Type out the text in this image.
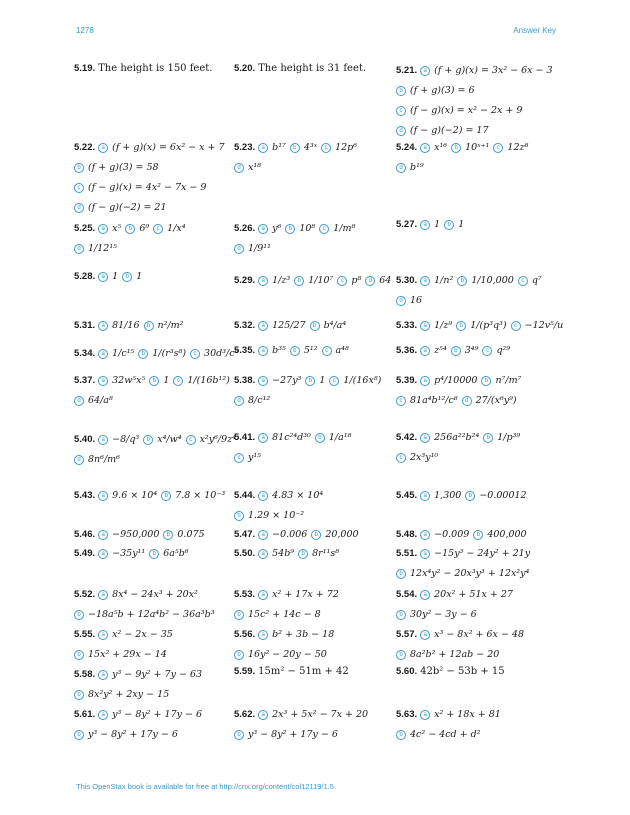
1278	Answer Key
5.19. The height is 150 feet. 5.20. The height is 31 feet.	5.21.	a (f + g)(x) = 3x² − 6x − 3
b (f + g)(3) = 6
c (f − g)(x) = x² − 2x + 9
d (f − g)(−2) = 17
5.22.	a (f + g)(x) = 6x² − x + 7
b (f + g)(3) = 58
c (f − g)(x) = 4x² − 7x − 9
d (f − g)(−2) = 21
5.23.	a b¹⁷	b 4³ˣ	c 12p⁶
d x¹⁸
5.24.	a x¹⁶	b 10ˣ⁺¹	c 12z⁸
d b¹⁹
5.25.	a x⁵	b 6⁹	c 1/x⁴
d 1/12¹⁵
5.26.	a y⁶	b 10⁸	c 1/m⁸
d 1/9¹¹
5.27.	a 1	b 1
5.28.	a 1	b 1	5.29.	a 1/z³	b 1/10⁷	c p⁸	d 64 5.30.	a 1/n²	b 1/10,000	c q⁷
d 16
5.31.	a 81/16	b n²/m²	5.32.	a 125/27	b b⁴/a⁴	5.33.	a 1/z⁹	b 1/(p³q³)	c −12v⁵/u
5.34.	a 1/c¹⁵	b 1/(r³s⁸)	c 30d³/c⁸
5.35.	a b³⁵	b 5¹²	c a⁴⁸	5.36.	a z⁵⁴	b 3⁴⁹	c q²⁹
5.37.	a 32w⁵x⁵	b 1	c 1/(16b¹²)
d 64/a⁸
5.38.	a −27y³	b 1	c 1/(16x⁸)
d 8/c¹²
5.39.	a p⁴/10000	b n⁷/m⁷
c 81a⁴b¹²/c⁸	d 27/(x⁶y⁹)
5.40.	a −8/q³	b x⁴/w⁴	c x²y⁶/9z⁴
d 8n⁶/m⁶
5.41.	a 81c²⁴d³⁰	b 1/a¹⁸
c y¹⁵
5.42.	a 256a²²b²⁴	b 1/p³⁹
c 2x³y¹⁰
5.43.	a 9.6 × 10⁴	b 7.8 × 10⁻³ 5.44.	a 4.83 × 10⁴
b 1.29 × 10⁻²
5.45.	a 1,300	b −0.00012
5.46.	a −950,000	b 0.075	5.47.	a −0.006	b 20,000	5.48.	a −0.009	b 400,000
5.49.	a −35y¹¹	b 6a⁵b⁶	5.50.	a 54b⁹	b 8r¹¹s⁸	5.51.	a −15y³ − 24y² + 21y
b 12x⁴y² − 20x³y³ + 12x²y⁴
5.52.	a 8x⁴ − 24x³ + 20x²
b −18a⁵b + 12a⁴b² − 36a³b³
5.53.	a x² + 17x + 72
b 15c² + 14c − 8
5.54.	a 20x² + 51x + 27
b 30y² − 3y − 6
5.55.	a x² − 2x − 35
b 15x² + 29x − 14
5.56.	a b² + 3b − 18
b 16y² − 20y − 50
5.57.	a x³ − 8x² + 6x − 48
b 8a²b² + 12ab − 20
5.58.	a y³ − 9y² + 7y − 63
b 8x²y² + 2xy − 15
5.59. 15m² − 51m + 42	5.60. 42b² − 53b + 15
5.61.	a y³ − 8y² + 17y − 6
b y³ − 8y² + 17y − 6
5.62.	a 2x³ + 5x² − 7x + 20
b y³ − 8y² + 17y − 6
5.63.	a x² + 18x + 81
b 4c² − 4cd + d²
This OpenStax book is available for free at http://cnx.org/content/col12119/1.5
